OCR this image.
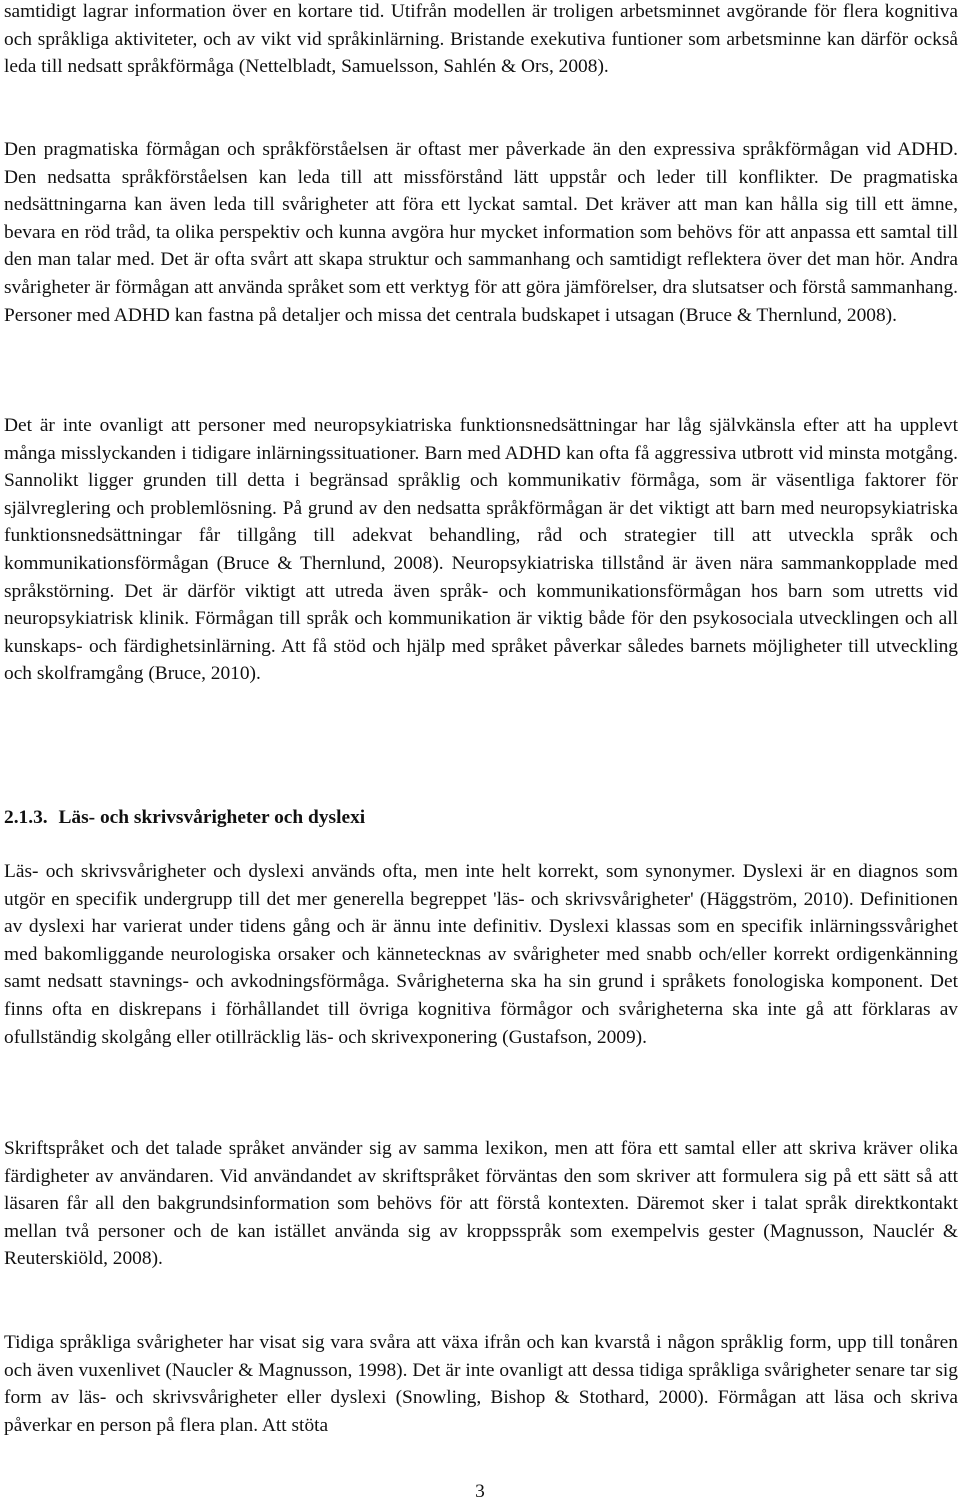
samtidigt lagrar information över en kortare tid. Utifrån modellen är troligen arbetsminnet avgörande för flera kognitiva och språkliga aktiviteter, och av vikt vid språkinlärning. Bristande exekutiva funtioner som arbetsminne kan därför också leda till nedsatt språkförmåga (Nettelbladt, Samuelsson, Sahlén & Ors, 2008).

Den pragmatiska förmågan och språkförståelsen är oftast mer påverkade än den expressiva språkförmågan vid ADHD. Den nedsatta språkförståelsen kan leda till att missförstånd lätt uppstår och leder till konflikter. De pragmatiska nedsättningarna kan även leda till svårigheter att föra ett lyckat samtal. Det kräver att man kan hålla sig till ett ämne, bevara en röd tråd, ta olika perspektiv och kunna avgöra hur mycket information som behövs för att anpassa ett samtal till den man talar med. Det är ofta svårt att skapa struktur och sammanhang och samtidigt reflektera över det man hör. Andra svårigheter är förmågan att använda språket som ett verktyg för att göra jämförelser, dra slutsatser och förstå sammanhang. Personer med ADHD kan fastna på detaljer och missa det centrala budskapet i utsagan (Bruce & Thernlund, 2008).

Det är inte ovanligt att personer med neuropsykiatriska funktionsnedsättningar har låg självkänsla efter att ha upplevt många misslyckanden i tidigare inlärningssituationer. Barn med ADHD kan ofta få aggressiva utbrott vid minsta motgång. Sannolikt ligger grunden till detta i begränsad språklig och kommunikativ förmåga, som är väsentliga faktorer för självreglering och problemlösning. På grund av den nedsatta språkförmågan är det viktigt att barn med neuropsykiatriska funktionsnedsättningar får tillgång till adekvat behandling, råd och strategier till att utveckla språk och kommunikationsförmågan (Bruce & Thernlund, 2008). Neuropsykiatriska tillstånd är även nära sammankopplade med språkstörning. Det är därför viktigt att utreda även språk- och kommunikationsförmågan hos barn som utretts vid neuropsykiatrisk klinik. Förmågan till språk och kommunikation är viktig både för den psykosociala utvecklingen och all kunskaps- och färdighetsinlärning. Att få stöd och hjälp med språket påverkar således barnets möjligheter till utveckling och skolframgång (Bruce, 2010).

2.1.3. Läs- och skrivsvårigheter och dyslexi

Läs- och skrivsvårigheter och dyslexi används ofta, men inte helt korrekt, som synonymer. Dyslexi är en diagnos som utgör en specifik undergrupp till det mer generella begreppet 'läs- och skrivsvårigheter' (Häggström, 2010). Definitionen av dyslexi har varierat under tidens gång och är ännu inte definitiv. Dyslexi klassas som en specifik inlärningssvårighet med bakomliggande neurologiska orsaker och kännetecknas av svårigheter med snabb och/eller korrekt ordigenkänning samt nedsatt stavnings- och avkodningsförmåga. Svårigheterna ska ha sin grund i språkets fonologiska komponent. Det finns ofta en diskrepans i förhållandet till övriga kognitiva förmågor och svårigheterna ska inte gå att förklaras av ofullständig skolgång eller otillräcklig läs- och skrivexponering (Gustafson, 2009).

Skriftspråket och det talade språket använder sig av samma lexikon, men att föra ett samtal eller att skriva kräver olika färdigheter av användaren. Vid användandet av skriftspråket förväntas den som skriver att formulera sig på ett sätt så att läsaren får all den bakgrundsinformation som behövs för att förstå kontexten. Däremot sker i talat språk direktkontakt mellan två personer och de kan istället använda sig av kroppsspråk som exempelvis gester (Magnusson, Nauclér & Reuterskiöld, 2008).

Tidiga språkliga svårigheter har visat sig vara svåra att växa ifrån och kan kvarstå i någon språklig form, upp till tonåren och även vuxenlivet (Naucler & Magnusson, 1998). Det är inte ovanligt att dessa tidiga språkliga svårigheter senare tar sig form av läs- och skrivsvårigheter eller dyslexi (Snowling, Bishop & Stothard, 2000). Förmågan att läsa och skriva påverkar en person på flera plan. Att stöta

3
